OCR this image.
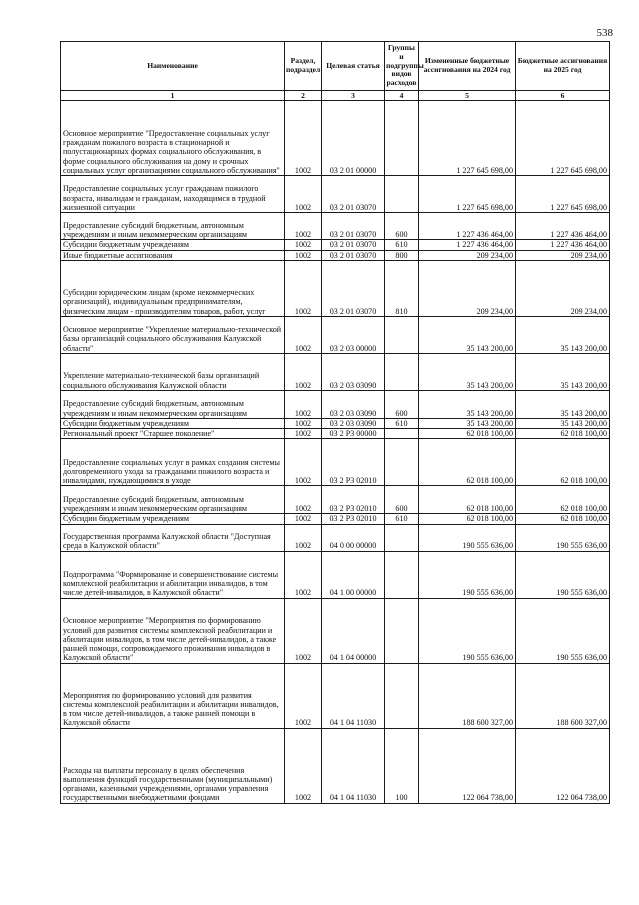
538
Наименование	Раздел, подраздел	Целевая статья	Группы и подгруппы видов расходов	Измененные бюджетные ассигнования на 2024 год	Бюджетные ассигнования на 2025 год
1	2	3	4	5	6
Основное мероприятие "Предоставление социальных услуг гражданам пожилого возраста в стационарной и полустационарных формах социального обслуживания, в форме социального обслуживания на дому и срочных социальных услуг организациями социального обслуживания"	1002	03 2 01 00000		1 227 645 698,00	1 227 645 698,00
Предоставление социальных услуг гражданам пожилого возраста, инвалидам и гражданам, находящимся в трудной жизненной ситуации	1002	03 2 01 03070		1 227 645 698,00	1 227 645 698,00
Предоставление субсидий бюджетным, автономным учреждениям и иным некоммерческим организациям	1002	03 2 01 03070	600	1 227 436 464,00	1 227 436 464,00
Субсидии бюджетным учреждениям	1002	03 2 01 03070	610	1 227 436 464,00	1 227 436 464,00
Иные бюджетные ассигнования	1002	03 2 01 03070	800	209 234,00	209 234,00
Субсидии юридическим лицам (кроме некоммерческих организаций), индивидуальным предпринимателям, физическим лицам - производителям товаров, работ, услуг	1002	03 2 01 03070	810	209 234,00	209 234,00
Основное мероприятие "Укрепление материально-технической базы организаций социального обслуживания Калужской области"	1002	03 2 03 00000		35 143 200,00	35 143 200,00
Укрепление материально-технической базы организаций социального обслуживания Калужской области	1002	03 2 03 03090		35 143 200,00	35 143 200,00
Предоставление субсидий бюджетным, автономным учреждениям и иным некоммерческим организациям	1002	03 2 03 03090	600	35 143 200,00	35 143 200,00
Субсидии бюджетным учреждениям	1002	03 2 03 03090	610	35 143 200,00	35 143 200,00
Региональный проект "Старшее поколение"	1002	03 2 P3 00000		62 018 100,00	62 018 100,00
Предоставление социальных услуг в рамках создания системы долговременного ухода за гражданами пожилого возраста и инвалидами, нуждающимися в уходе	1002	03 2 P3 02010		62 018 100,00	62 018 100,00
Предоставление субсидий бюджетным, автономным учреждениям и иным некоммерческим организациям	1002	03 2 P3 02010	600	62 018 100,00	62 018 100,00
Субсидии бюджетным учреждениям	1002	03 2 P3 02010	610	62 018 100,00	62 018 100,00
Государственная программа Калужской области "Доступная среда в Калужской области"	1002	04 0 00 00000		190 555 636,00	190 555 636,00
Подпрограмма "Формирование и совершенствование системы комплексной реабилитации и абилитации инвалидов, в том числе детей-инвалидов, в Калужской области"	1002	04 1 00 00000		190 555 636,00	190 555 636,00
Основное мероприятие "Мероприятия по формированию условий для развития системы комплексной реабилитации и абилитации инвалидов, в том числе детей-инвалидов, а также ранней помощи, сопровождаемого проживания инвалидов в Калужской области"	1002	04 1 04 00000		190 555 636,00	190 555 636,00
Мероприятия по формированию условий для развития системы комплексной реабилитации и абилитации инвалидов, в том числе детей-инвалидов, а также ранней помощи в Калужской области	1002	04 1 04 11030		188 600 327,00	188 600 327,00
Расходы на выплаты персоналу в целях обеспечения выполнения функций государственными (муниципальными) органами, казенными учреждениями, органами управления государственными внебюджетными фондами	1002	04 1 04 11030	100	122 064 738,00	122 064 738,00
